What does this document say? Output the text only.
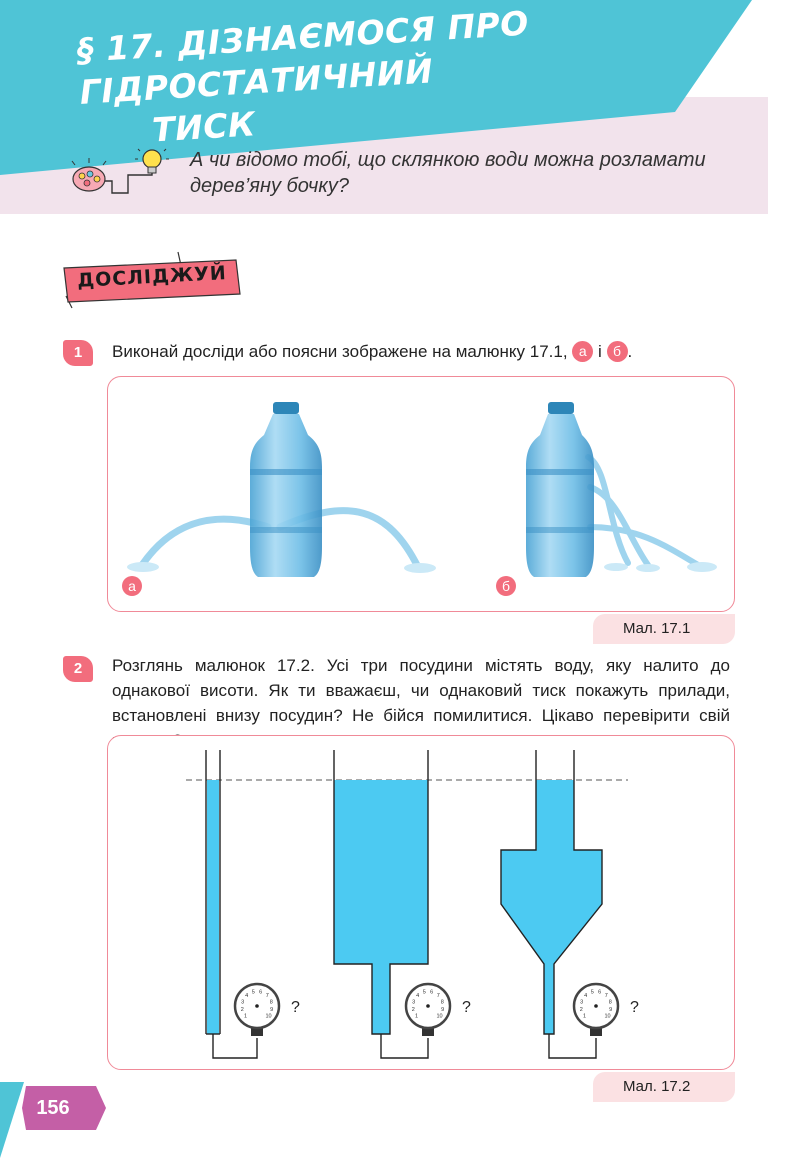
§ 17. ДІЗНАЄМОСЯ ПРО ГІДРОСТАТИЧНИЙ
ТИСК

А чи відомо тобі, що склянкою води можна розламати дерев’яну бочку?

ДОСЛІДЖУЙ
1	Виконай досліди або поясни зображене на малюнку 17.1, а і б .

а	б
Мал. 17.1
2	Розглянь малюнок 17.2. Усі три посудини містять воду, яку налито до однакової висоти. Як ти вважаєш, чи однаковий тиск покажуть прилади, встановлені внизу посудин? Не бійся помилитися. Цікаво перевірити свій

1
2
3
4
5 6
7
8
9
10
?
1
2
3
4
5 6
7
8
9
10
?
1
2
3
4
5 6
7
8
9
10
?
Мал. 17.2
156
